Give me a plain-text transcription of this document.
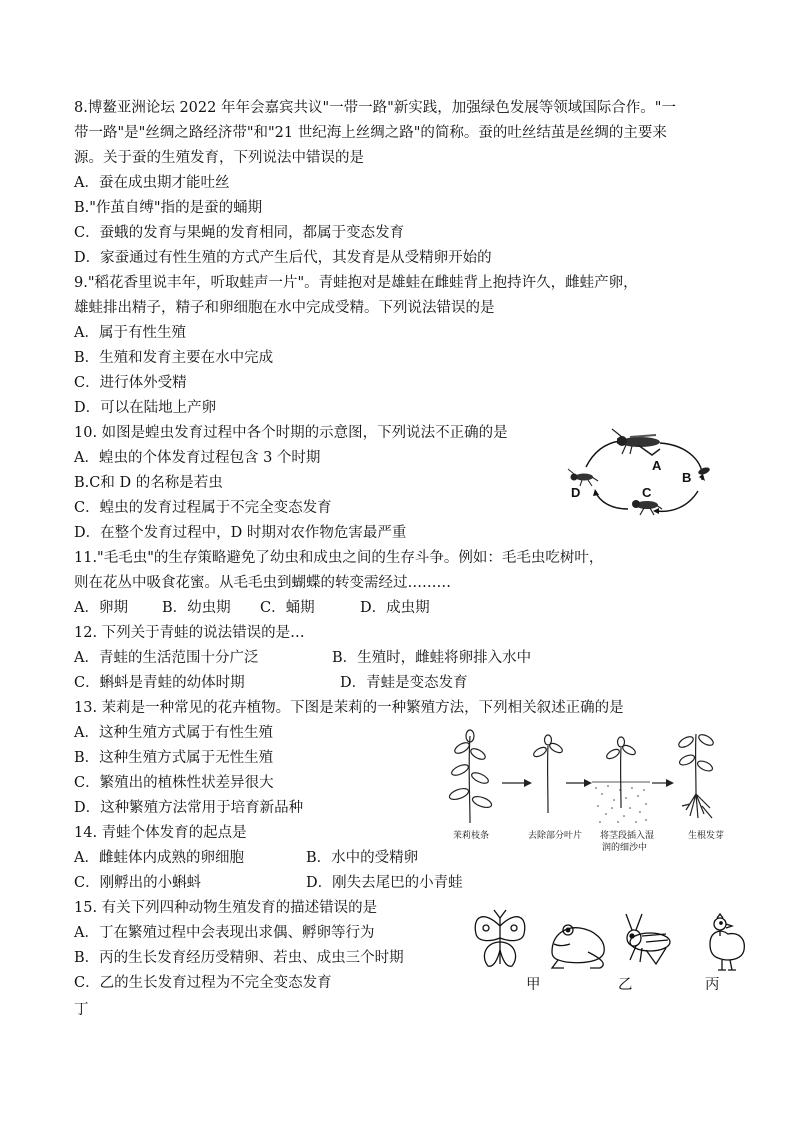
8.博鳌亚洲论坛 2022 年年会嘉宾共议"一带一路"新实践，加强绿色发展等领域国际合作。"一
带一路"是"丝绸之路经济带"和"21 世纪海上丝绸之路"的简称。蚕的吐丝结茧是丝绸的主要来
源。关于蚕的生殖发育，下列说法中错误的是
A．蚕在成虫期才能吐丝
B."作茧自缚"指的是蚕的蛹期
C．蚕蛾的发育与果蝇的发育相同，都属于变态发育
D．家蚕通过有性生殖的方式产生后代，其发育是从受精卵开始的
9."稻花香里说丰年，听取蛙声一片"。青蛙抱对是雄蛙在雌蛙背上抱持许久，雌蛙产卵，
雄蛙排出精子，精子和卵细胞在水中完成受精。下列说法错误的是
A．属于有性生殖
B．生殖和发育主要在水中完成
C．进行体外受精
D．可以在陆地上产卵
10. 如图是蝗虫发育过程中各个时期的示意图，下列说法不正确的是
A．蝗虫的个体发育过程包含 3 个时期
B.C和 D 的名称是若虫
C．蝗虫的发育过程属于不完全变态发育
D．在整个发育过程中，D 时期对农作物危害最严重
A
B
C
D
11."毛毛虫"的生存策略避免了幼虫和成虫之间的生存斗争。例如：毛毛虫吃树叶，
则在花丛中吸食花蜜。从毛毛虫到蝴蝶的转变需经过………
A．卵期 B．幼虫期 C．蛹期	D．成虫期
12. 下列关于青蛙的说法错误的是…
A．青蛙的生活范围十分广泛	B．生殖时，雌蛙将卵排入水中
C．蝌蚪是青蛙的幼体时期	D．青蛙是变态发育
13. 茉莉是一种常见的花卉植物。下图是茉莉的一种繁殖方法，下列相关叙述正确的是
A．这种生殖方式属于有性生殖
B．这种生殖方式属于无性生殖
C．繁殖出的植株性状差异很大
D．这种繁殖方法常用于培育新品种
茉莉枝条	去除部分叶片 将茎段插入湿
润的细沙中
生根发芽
14. 青蛙个体发育的起点是
A．雌蛙体内成熟的卵细胞	B．水中的受精卵
C．刚孵出的小蝌蚪	D．刚失去尾巴的小青蛙
15. 有关下列四种动物生殖发育的描述错误的是
A．丁在繁殖过程中会表现出求偶、孵卵等行为
B．丙的生长发育经历受精卵、若虫、成虫三个时期
C．乙的生长发育过程为不完全变态发育	甲	乙	丙
丁
